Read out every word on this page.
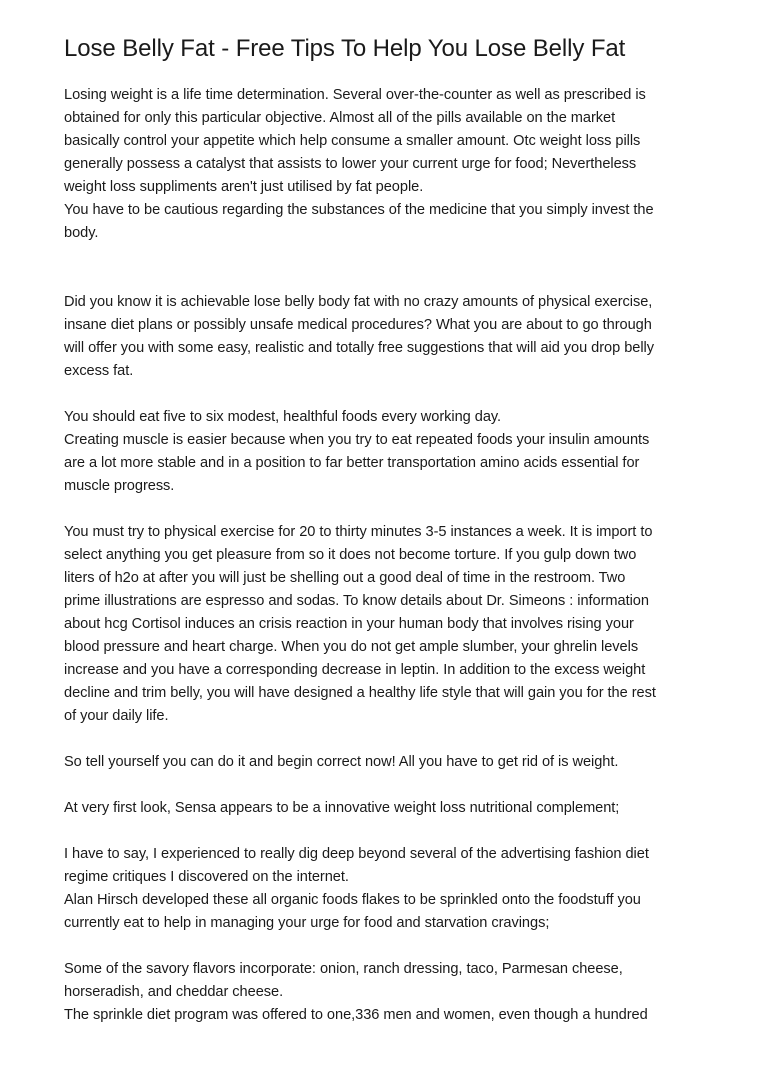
Lose Belly Fat - Free Tips To Help You Lose Belly Fat

Losing weight is a life time determination. Several over-the-counter as well as prescribed is
obtained for only this particular objective. Almost all of the pills available on the market
basically control your appetite which help consume a smaller amount. Otc weight loss pills
generally possess a catalyst that assists to lower your current urge for food; Nevertheless
weight loss suppliments aren't just utilised by fat people.
You have to be cautious regarding the substances of the medicine that you simply invest the
body.

Did you know it is achievable lose belly body fat with no crazy amounts of physical exercise,
insane diet plans or possibly unsafe medical procedures? What you are about to go through
will offer you with some easy, realistic and totally free suggestions that will aid you drop belly
excess fat.

You should eat five to six modest, healthful foods every working day.
Creating muscle is easier because when you try to eat repeated foods your insulin amounts
are a lot more stable and in a position to far better transportation amino acids essential for
muscle progress.

You must try to physical exercise for 20 to thirty minutes 3-5 instances a week. It is import to
select anything you get pleasure from so it does not become torture. If you gulp down two
liters of h2o at after you will just be shelling out a good deal of time in the restroom. Two
prime illustrations are espresso and sodas. To know details about Dr. Simeons : information
about hcg Cortisol induces an crisis reaction in your human body that involves rising your
blood pressure and heart charge. When you do not get ample slumber, your ghrelin levels
increase and you have a corresponding decrease in leptin. In addition to the excess weight
decline and trim belly, you will have designed a healthy life style that will gain you for the rest
of your daily life.

So tell yourself you can do it and begin correct now! All you have to get rid of is weight.

At very first look, Sensa appears to be a innovative weight loss nutritional complement;

I have to say, I experienced to really dig deep beyond several of the advertising fashion diet
regime critiques I discovered on the internet.
Alan Hirsch developed these all organic foods flakes to be sprinkled onto the foodstuff you
currently eat to help in managing your urge for food and starvation cravings;

Some of the savory flavors incorporate: onion, ranch dressing, taco, Parmesan cheese,
horseradish, and cheddar cheese.
The sprinkle diet program was offered to one,336 men and women, even though a hundred
